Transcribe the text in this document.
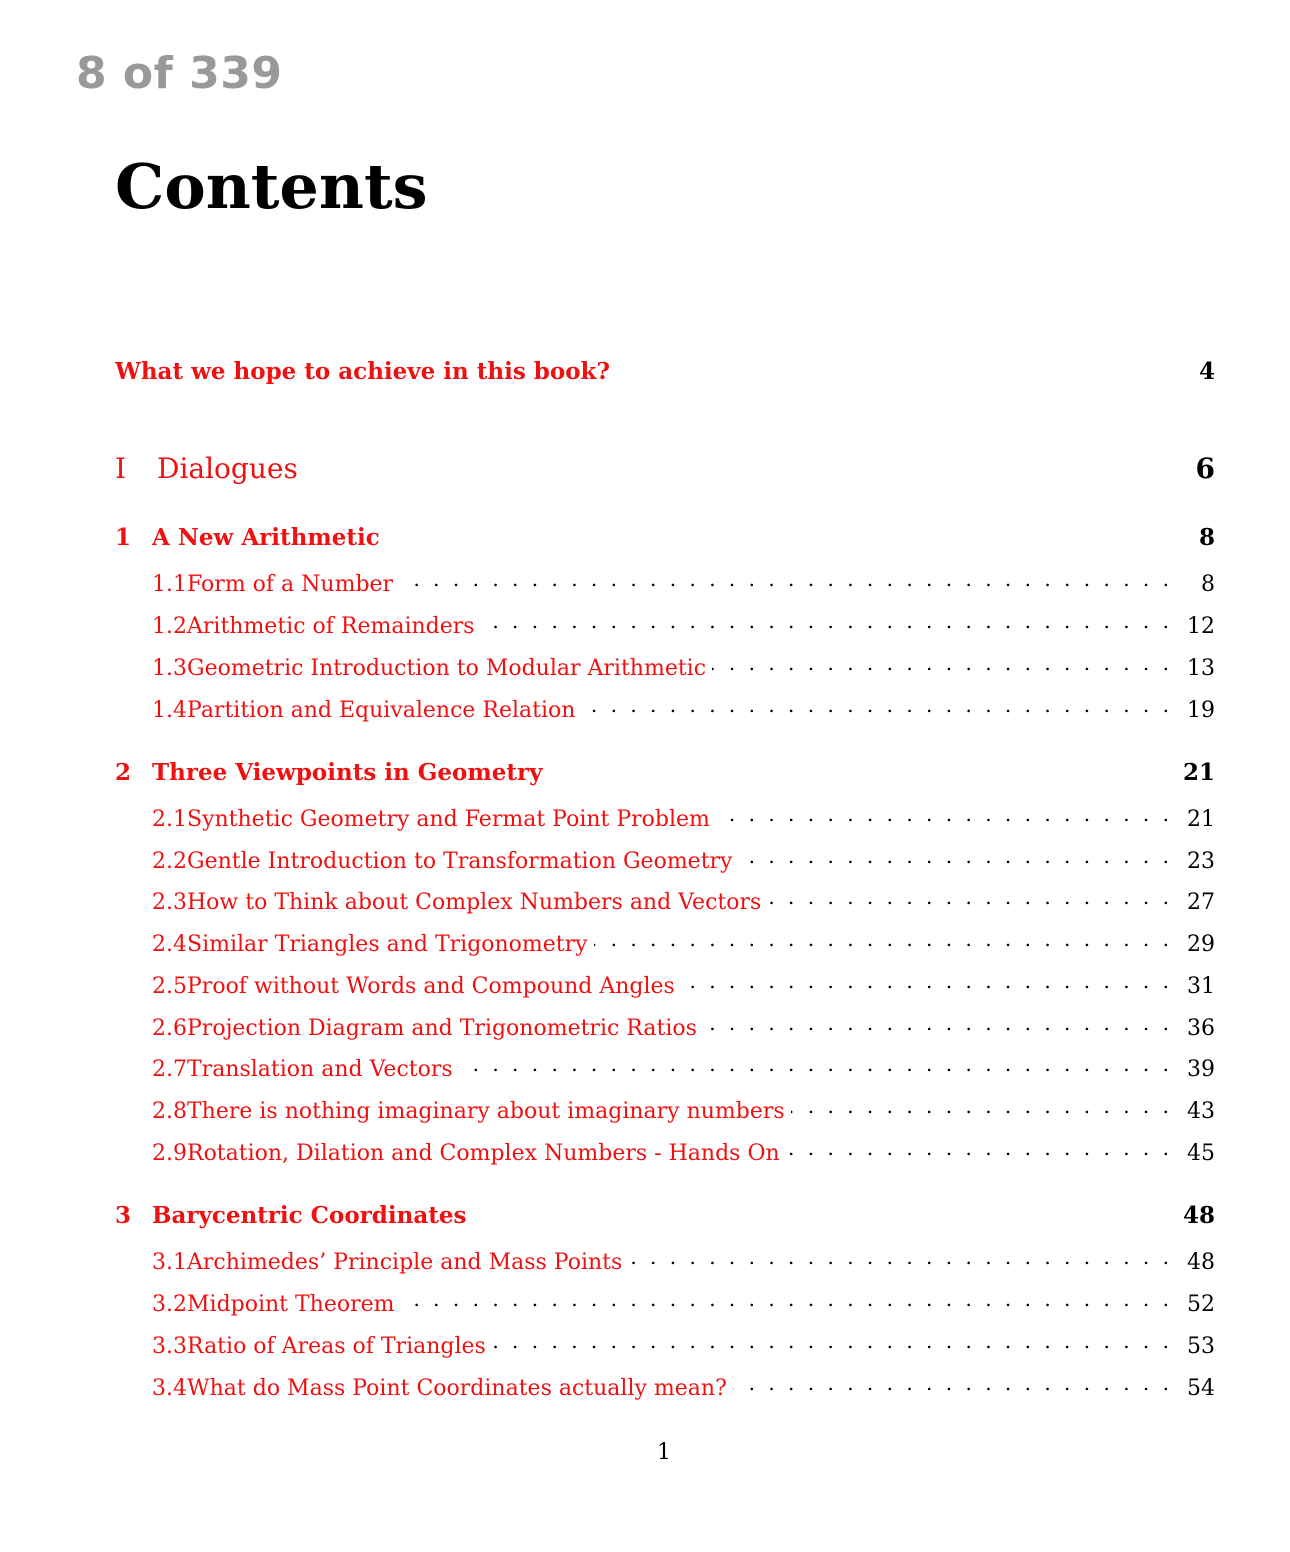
8 of 339
Contents
What we hope to achieve in this book?	4
I	Dialogues	6
1 A New Arithmetic	8
1.1 Form of a Number . . .	8
1.2 Arithmetic of Remainders . . .	12
1.3 Geometric Introduction to Modular Arithmetic . . .	13
1.4 Partition and Equivalence Relation . . .	19
2 Three Viewpoints in Geometry	21
2.1 Synthetic Geometry and Fermat Point Problem . . .	21
2.2 Gentle Introduction to Transformation Geometry . . .	23
2.3 How to Think about Complex Numbers and Vectors . . .	27
2.4 Similar Triangles and Trigonometry . . .	29
2.5 Proof without Words and Compound Angles . . .	31
2.6 Projection Diagram and Trigonometric Ratios . . .	36
2.7 Translation and Vectors . . .	39
2.8 There is nothing imaginary about imaginary numbers . . .	43
2.9 Rotation, Dilation and Complex Numbers - Hands On . . .	45
3 Barycentric Coordinates	48
3.1 Archimedes’ Principle and Mass Points . . .	48
3.2 Midpoint Theorem . . .	52
3.3 Ratio of Areas of Triangles . . .	53
3.4 What do Mass Point Coordinates actually mean? . . .	54
1
